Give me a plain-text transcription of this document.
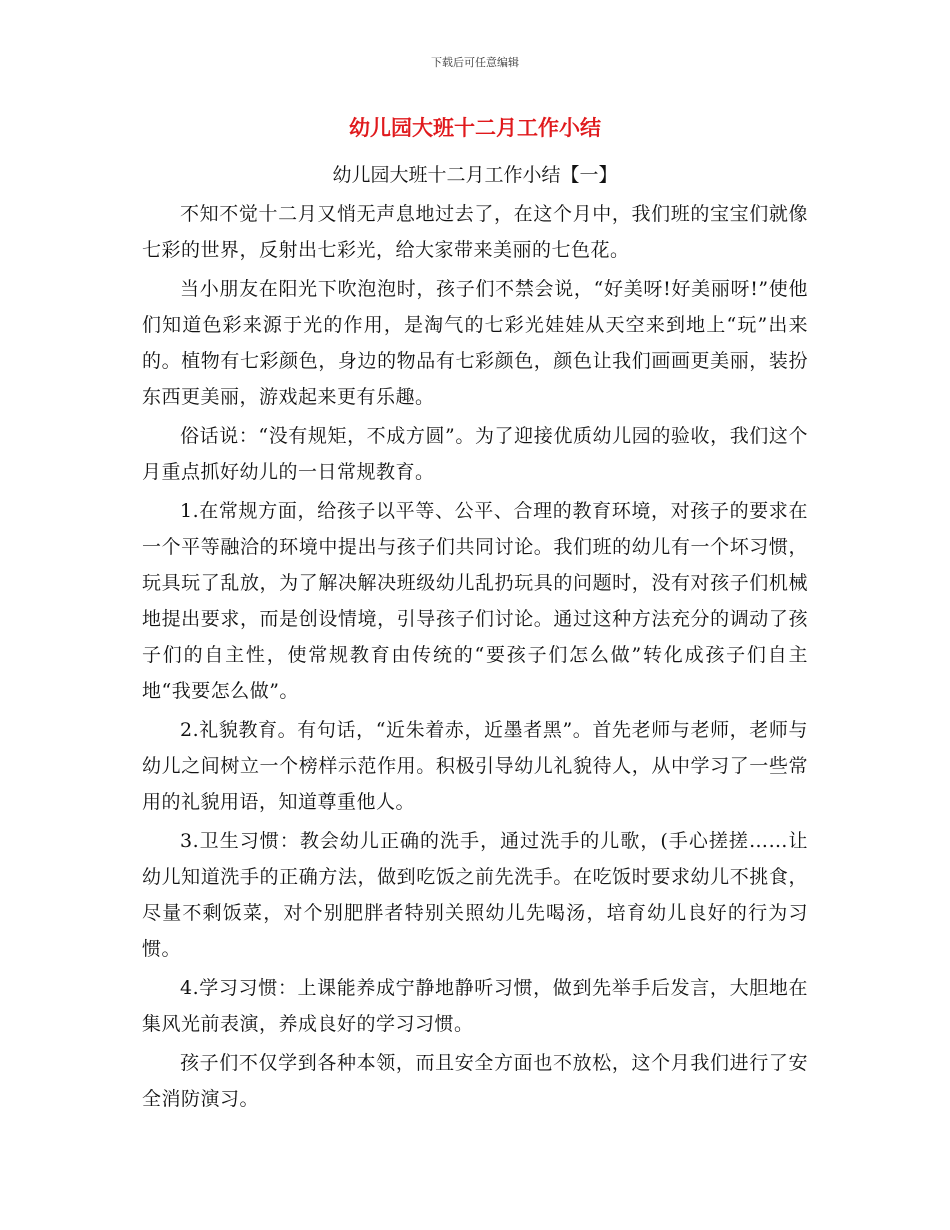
下载后可任意编辑
幼儿园大班十二月工作小结
幼儿园大班十二月工作小结【一】

不知不觉十二月又悄无声息地过去了，在这个月中，我们班的宝宝们就像七彩的世界，反射出七彩光，给大家带来美丽的七色花。

当小朋友在阳光下吹泡泡时，孩子们不禁会说，“好美呀!好美丽呀!”使他们知道色彩来源于光的作用，是淘气的七彩光娃娃从天空来到地上“玩”出来的。植物有七彩颜色，身边的物品有七彩颜色，颜色让我们画画更美丽，装扮东西更美丽，游戏起来更有乐趣。

俗话说：“没有规矩，不成方圆”。为了迎接优质幼儿园的验收，我们这个月重点抓好幼儿的一日常规教育。

1.在常规方面，给孩子以平等、公平、合理的教育环境，对孩子的要求在一个平等融洽的环境中提出与孩子们共同讨论。我们班的幼儿有一个坏习惯，玩具玩了乱放，为了解决解决班级幼儿乱扔玩具的问题时，没有对孩子们机械地提出要求，而是创设情境，引导孩子们讨论。通过这种方法充分的调动了孩子们的自主性，使常规教育由传统的“要孩子们怎么做”转化成孩子们自主地“我要怎么做”。

2.礼貌教育。有句话，“近朱着赤，近墨者黑”。首先老师与老师，老师与幼儿之间树立一个榜样示范作用。积极引导幼儿礼貌待人，从中学习了一些常用的礼貌用语，知道尊重他人。

3.卫生习惯：教会幼儿正确的洗手，通过洗手的儿歌，(手心搓搓……让幼儿知道洗手的正确方法，做到吃饭之前先洗手。在吃饭时要求幼儿不挑食，尽量不剩饭菜，对个别肥胖者特别关照幼儿先喝汤，培育幼儿良好的行为习惯。

4.学习习惯：上课能养成宁静地静听习惯，做到先举手后发言，大胆地在集风光前表演，养成良好的学习习惯。

孩子们不仅学到各种本领，而且安全方面也不放松，这个月我们进行了安全消防演习。
